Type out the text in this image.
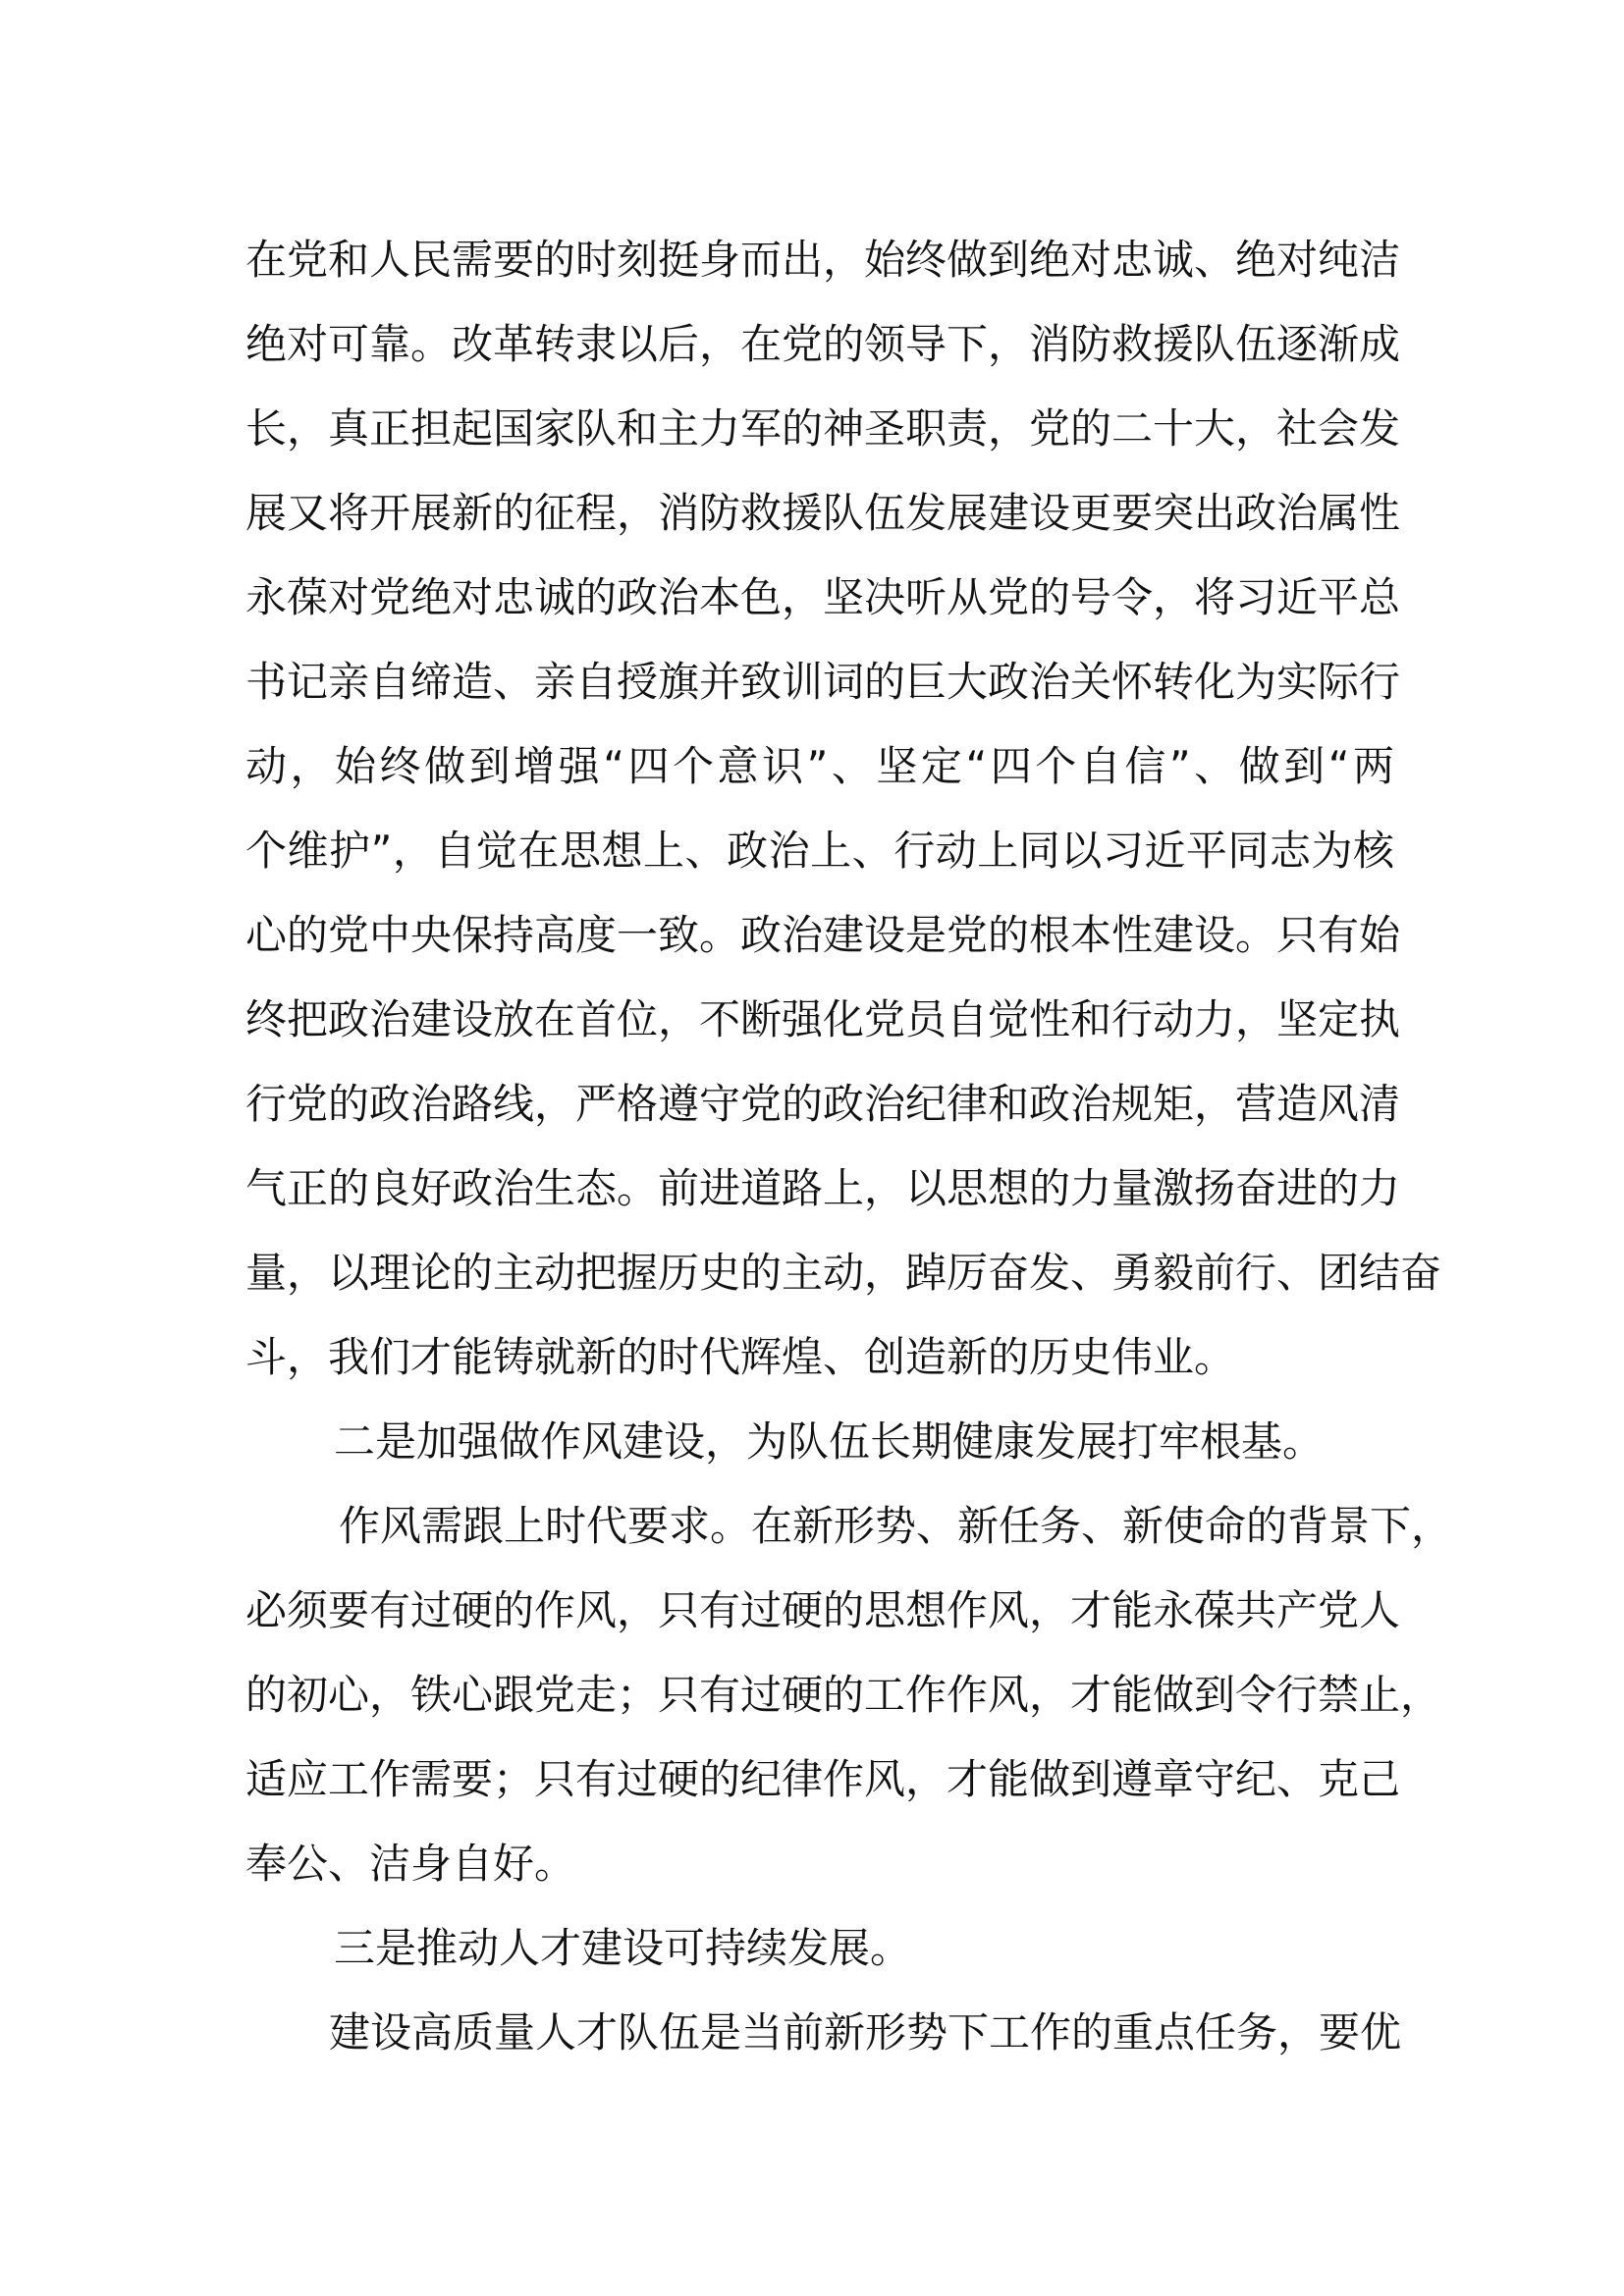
在党和人民需要的时刻挺身而出，始终做到绝对忠诚、绝对纯洁
绝对可靠。改革转隶以后，在党的领导下，消防救援队伍逐渐成
长，真正担起国家队和主力军的神圣职责，党的二十大，社会发
展又将开展新的征程，消防救援队伍发展建设更要突出政治属性
永葆对党绝对忠诚的政治本色，坚决听从党的号令，将习近平总
书记亲自缔造、亲自授旗并致训词的巨大政治关怀转化为实际行
动，始终做到增强“四个意识”、坚定“四个自信”、做到“两
个维护”，自觉在思想上、政治上、行动上同以习近平同志为核
心的党中央保持高度一致。政治建设是党的根本性建设。只有始
终把政治建设放在首位，不断强化党员自觉性和行动力，坚定执
行党的政治路线，严格遵守党的政治纪律和政治规矩，营造风清
气正的良好政治生态。前进道路上，以思想的力量激扬奋进的力
量，以理论的主动把握历史的主动，踔厉奋发、勇毅前行、团结奋
斗，我们才能铸就新的时代辉煌、创造新的历史伟业。
二是加强做作风建设，为队伍长期健康发展打牢根基。
作风需跟上时代要求。在新形势、新任务、新使命的背景下，
必须要有过硬的作风，只有过硬的思想作风，才能永葆共产党人
的初心，铁心跟党走；只有过硬的工作作风，才能做到令行禁止，
适应工作需要；只有过硬的纪律作风，才能做到遵章守纪、克己
奉公、洁身自好。
三是推动人才建设可持续发展。
建设高质量人才队伍是当前新形势下工作的重点任务，要优
